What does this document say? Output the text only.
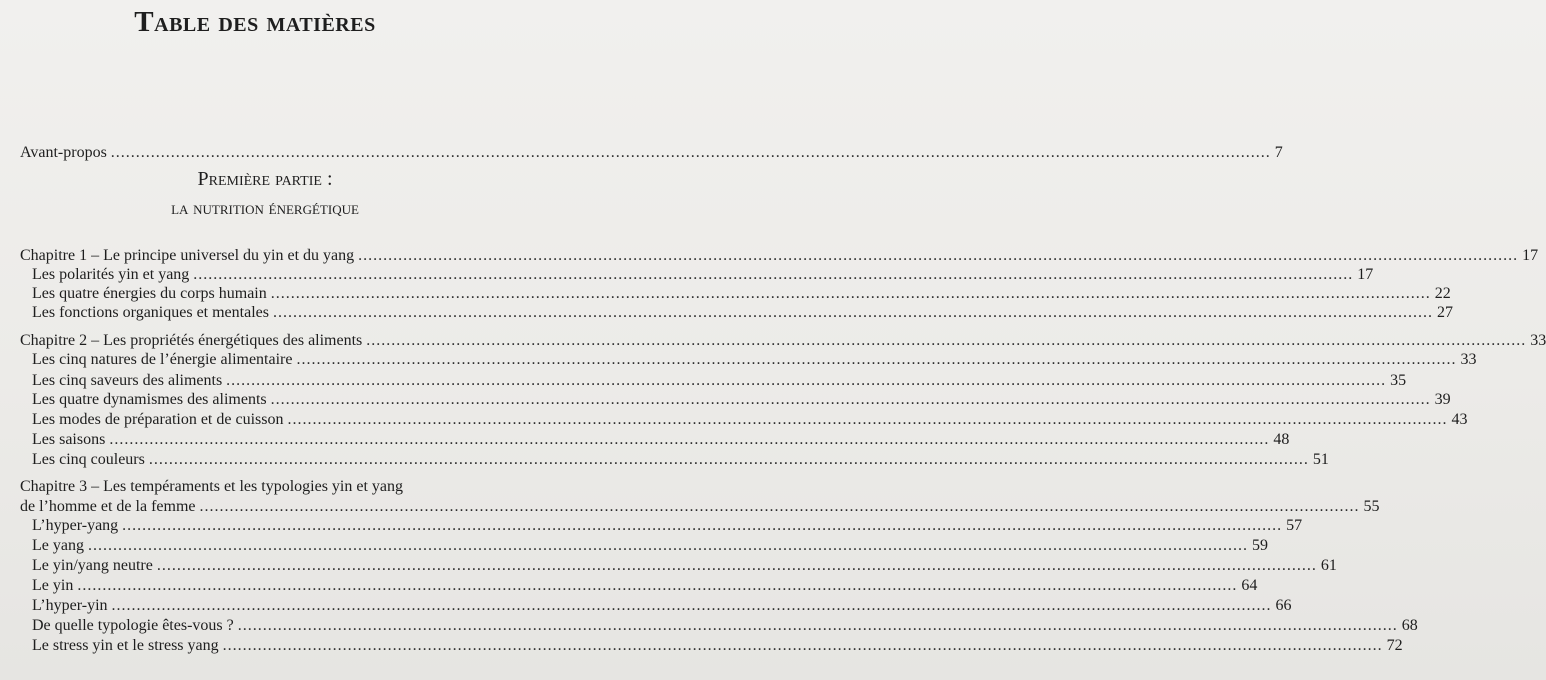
Table des matières
Avant-propos .....	7
Première partie :
la nutrition énergétique
Chapitre 1 – Le principe universel du yin et du yang .....	17
Les polarités yin et yang .....	17
Les quatre énergies du corps humain .....	22
Les fonctions organiques et mentales .....	27
Chapitre 2 – Les propriétés énergétiques des aliments .....	33
Les cinq natures de l’énergie alimentaire .....	33
Les cinq saveurs des aliments .....	35
Les quatre dynamismes des aliments .....	39
Les modes de préparation et de cuisson .....	43
Les saisons .....	48
Les cinq couleurs .....	51
Chapitre 3 – Les tempéraments et les typologies yin et yang
de l’homme et de la femme .....	55
L’hyper-yang .....	57
Le yang .....	59
Le yin/yang neutre .....	61
Le yin .....	64
L’hyper-yin .....	66
De quelle typologie êtes-vous ? .....	68
Le stress yin et le stress yang .....	72
